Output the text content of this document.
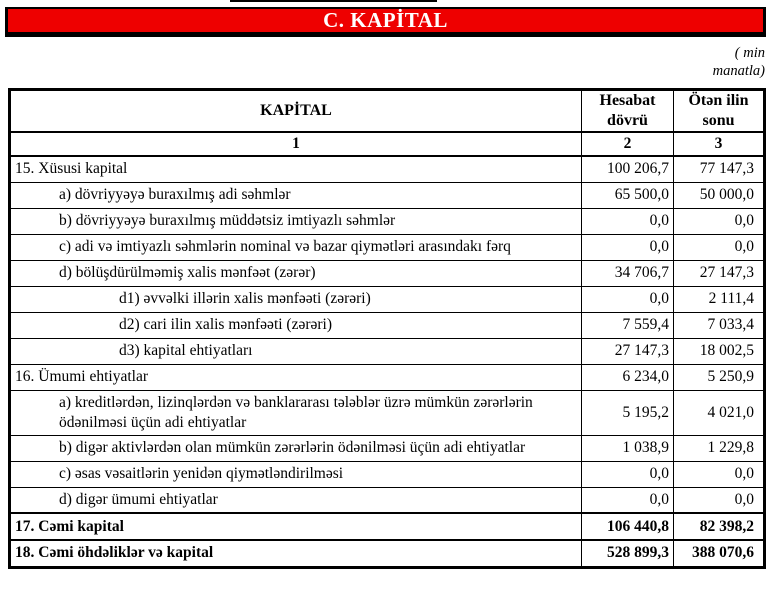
C. KAPİTAL
( min
manatla)
KAPİTAL	Hesabat dövrü	Ötən ilin sonu
1	2	3
15. Xüsusi kapital	100 206,7	77 147,3
a) dövriyyəyə buraxılmış adi səhmlər	65 500,0	50 000,0
b) dövriyyəyə buraxılmış müddətsiz imtiyazlı səhmlər	0,0	0,0
c) adi və imtiyazlı səhmlərin nominal və bazar qiymətləri arasındakı fərq	0,0	0,0
d) bölüşdürülməmiş xalis mənfəət (zərər)	34 706,7	27 147,3
d1) əvvəlki illərin xalis mənfəəti (zərəri)	0,0	2 111,4
d2) cari ilin xalis mənfəəti (zərəri)	7 559,4	7 033,4
d3) kapital ehtiyatları	27 147,3	18 002,5
16. Ümumi ehtiyatlar	6 234,0	5 250,9
a) kreditlərdən, lizinqlərdən və banklararası tələblər üzrə mümkün zərərlərin ödənilməsi üçün adi ehtiyatlar	5 195,2	4 021,0
b) digər aktivlərdən olan mümkün zərərlərin ödənilməsi üçün adi ehtiyatlar	1 038,9	1 229,8
c) əsas vəsaitlərin yenidən qiymətləndirilməsi	0,0	0,0
d) digər ümumi ehtiyatlar	0,0	0,0
17. Cəmi kapital	106 440,8	82 398,2
18. Cəmi öhdəliklər və kapital	528 899,3	388 070,6
